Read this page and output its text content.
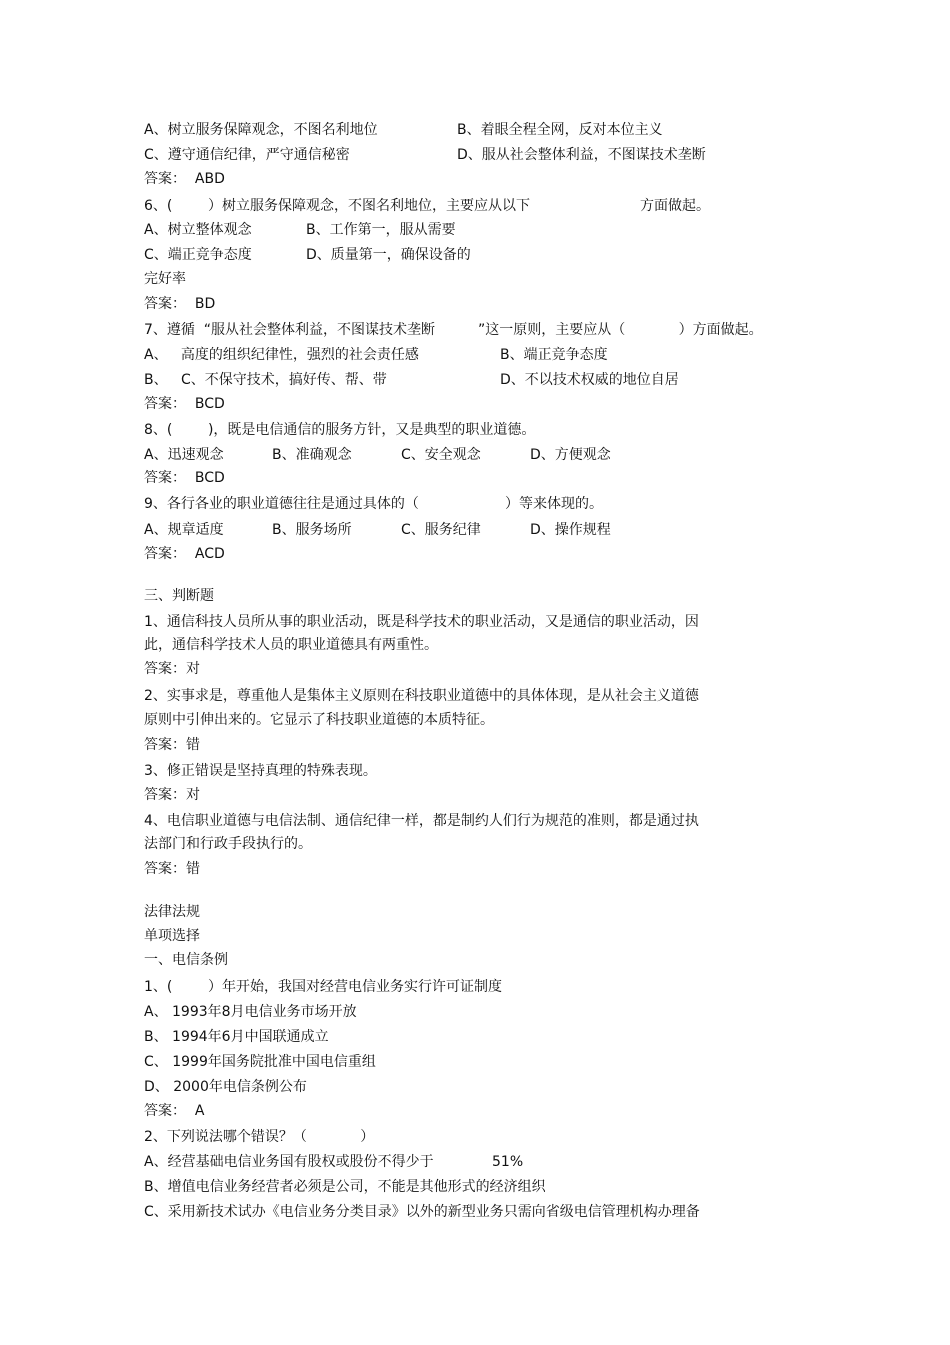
A、树立服务保障观念，不图名利地位	B、着眼全程全网，反对本位主义

C、遵守通信纪律，严守通信秘密	D、服从社会整体利益，不图谋技术垄断

答案：  ABD

6、(        ）树立服务保障观念，不图名利地位，主要应从以下	方面做起。

A、树立整体观念	B、工作第一，服从需要

C、端正竞争态度	D、质量第一，确保设备的

完好率

答案：  BD

7、遵循  “服从社会整体利益，不图谋技术垄断	”这一原则，主要应从（            ）方面做起。

A、   高度的组织纪律性，强烈的社会责任感	B、端正竞争态度

B、   C、不保守技术，搞好传、帮、带	D、不以技术权威的地位自居

答案：  BCD

8、(        )，既是电信通信的服务方针，又是典型的职业道德。

A、迅速观念	B、准确观念	C、安全观念	D、方便观念

答案：  BCD

9、各行各业的职业道德往往是通过具体的（	）等来体现的。

A、规章适度	B、服务场所	C、服务纪律	D、操作规程

答案：  ACD

三、判断题

1、通信科技人员所从事的职业活动，既是科学技术的职业活动，又是通信的职业活动，因

此，通信科学技术人员的职业道德具有两重性。

答案：对

2、实事求是，尊重他人是集体主义原则在科技职业道德中的具体体现，是从社会主义道德

原则中引伸出来的。它显示了科技职业道德的本质特征。

答案：错

3、修正错误是坚持真理的特殊表现。

答案：对

4、电信职业道德与电信法制、通信纪律一样，都是制约人们行为规范的准则，都是通过执

法部门和行政手段执行的。

答案：错

法律法规

单项选择

一、电信条例

1、(        ）年开始，我国对经营电信业务实行许可证制度

A、 1993年8月电信业务市场开放

B、 1994年6月中国联通成立

C、 1999年国务院批准中国电信重组

D、 2000年电信条例公布

答案：  A

2、下列说法哪个错误？（            ）

A、经营基础电信业务国有股权或股份不得少于	51%

B、增值电信业务经营者必须是公司，不能是其他形式的经济组织

C、采用新技术试办《电信业务分类目录》以外的新型业务只需向省级电信管理机构办理备
